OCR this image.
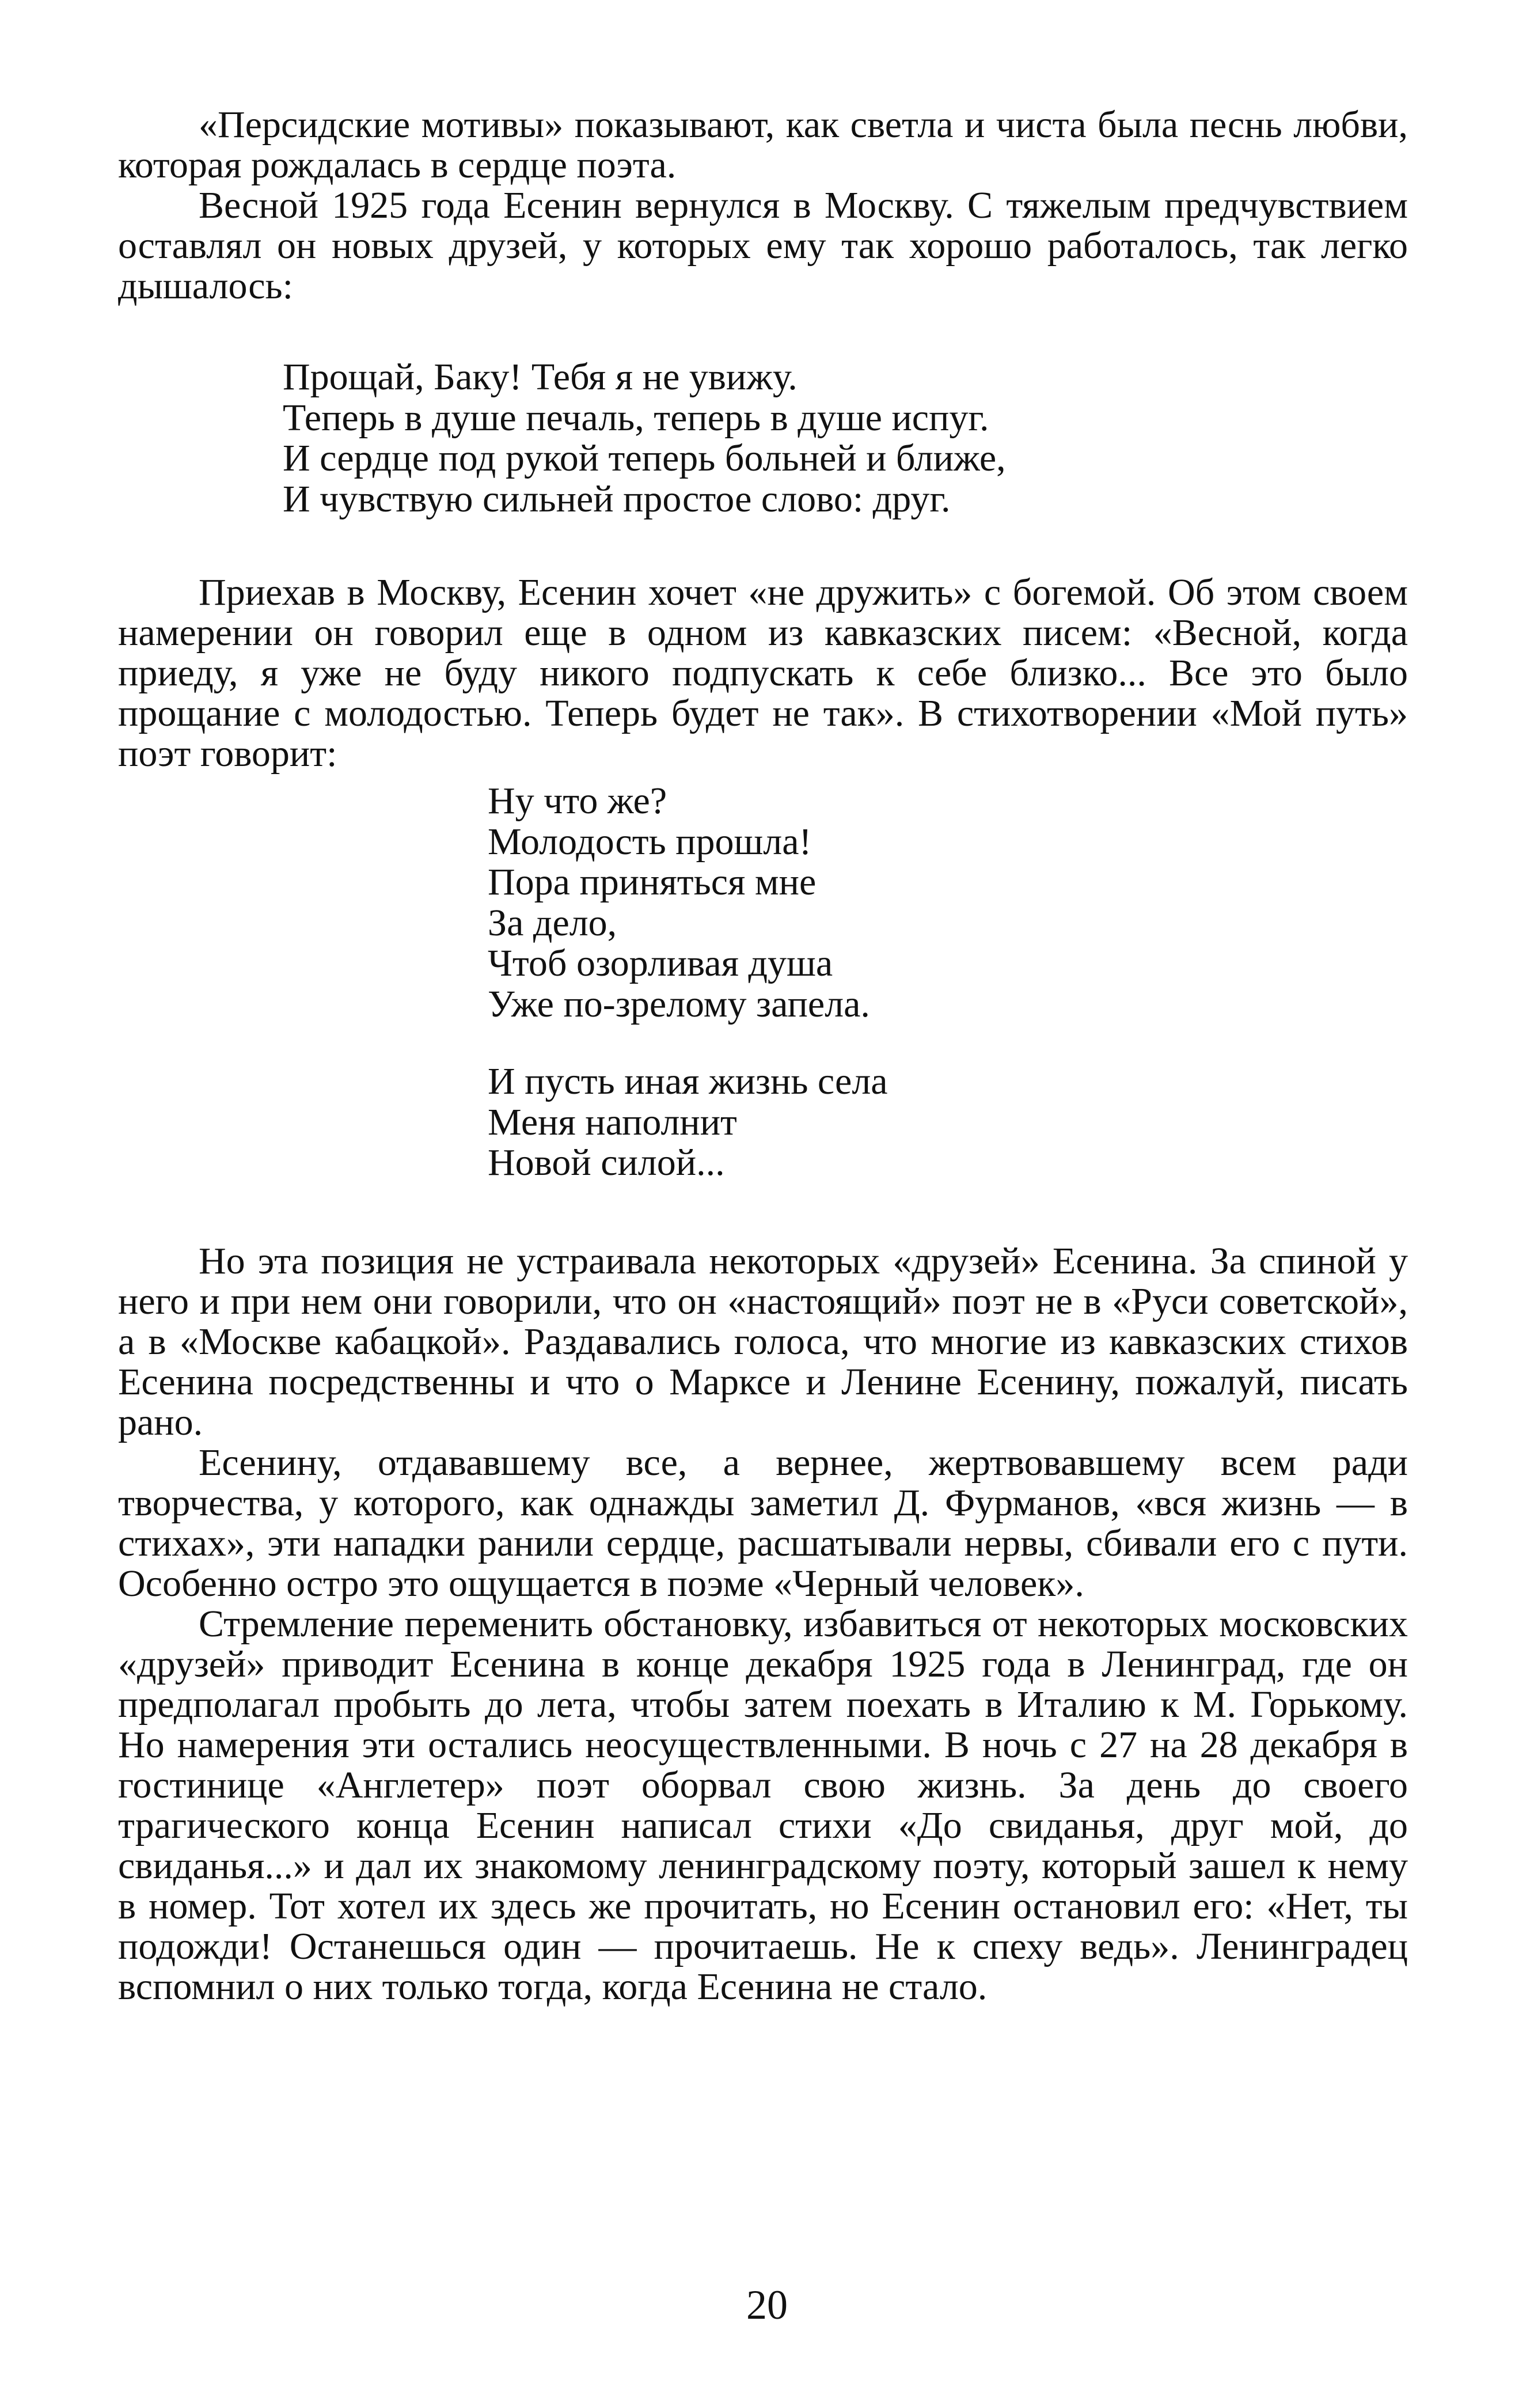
«Персидские мотивы» показывают, как светла и чиста была песнь любви, которая рождалась в сердце поэта.

Весной 1925 года Есенин вернулся в Москву. С тяжелым предчувствием оставлял он новых друзей, у которых ему так хорошо работалось, так легко дышалось:

Прощай, Баку! Тебя я не увижу.
Теперь в душе печаль, теперь в душе испуг.
И сердце под рукой теперь больней и ближе,
И чувствую сильней простое слово: друг.

Приехав в Москву, Есенин хочет «не дружить» с богемой. Об этом своем намерении он говорил еще в одном из кавказских писем: «Весной, когда приеду, я уже не буду никого подпускать к себе близко... Все это было прощание с молодостью. Теперь будет не так». В стихотворении «Мой путь» поэт говорит:

Ну что же?
Молодость прошла!
Пора приняться мне
За дело,
Чтоб озорливая душа
Уже по-зрелому запела.
И пусть иная жизнь села
Меня наполнит
Новой силой...

Но эта позиция не устраивала некоторых «друзей» Есенина. За спиной у него и при нем они говорили, что он «настоящий» поэт не в «Руси советской», а в «Москве кабацкой». Раздавались голоса, что многие из кавказских стихов Есенина посредственны и что о Марксе и Ленине Есенину, пожалуй, писать рано.

Есенину, отдававшему все, а вернее, жертвовавшему всем ради творчества, у которого, как однажды заметил Д. Фурманов, «вся жизнь — в стихах», эти нападки ранили сердце, расшатывали нервы, сбивали его с пути. Особенно остро это ощущается в поэме «Черный человек».

Стремление переменить обстановку, избавиться от некоторых московских «друзей» приводит Есенина в конце декабря 1925 года в Ленинград, где он предполагал пробыть до лета, чтобы затем поехать в Италию к М. Горькому. Но намерения эти остались неосуществленными. В ночь с 27 на 28 декабря в гостинице «Англетер» поэт оборвал свою жизнь. За день до своего трагического конца Есенин написал стихи «До свиданья, друг мой, до свиданья...» и дал их знакомому ленинградскому поэту, который зашел к нему в номер. Тот хотел их здесь же прочитать, но Есенин остановил его: «Нет, ты подожди! Останешься один — прочитаешь. Не к спеху ведь». Ленинградец вспомнил о них только тогда, когда Есенина не стало.

20
